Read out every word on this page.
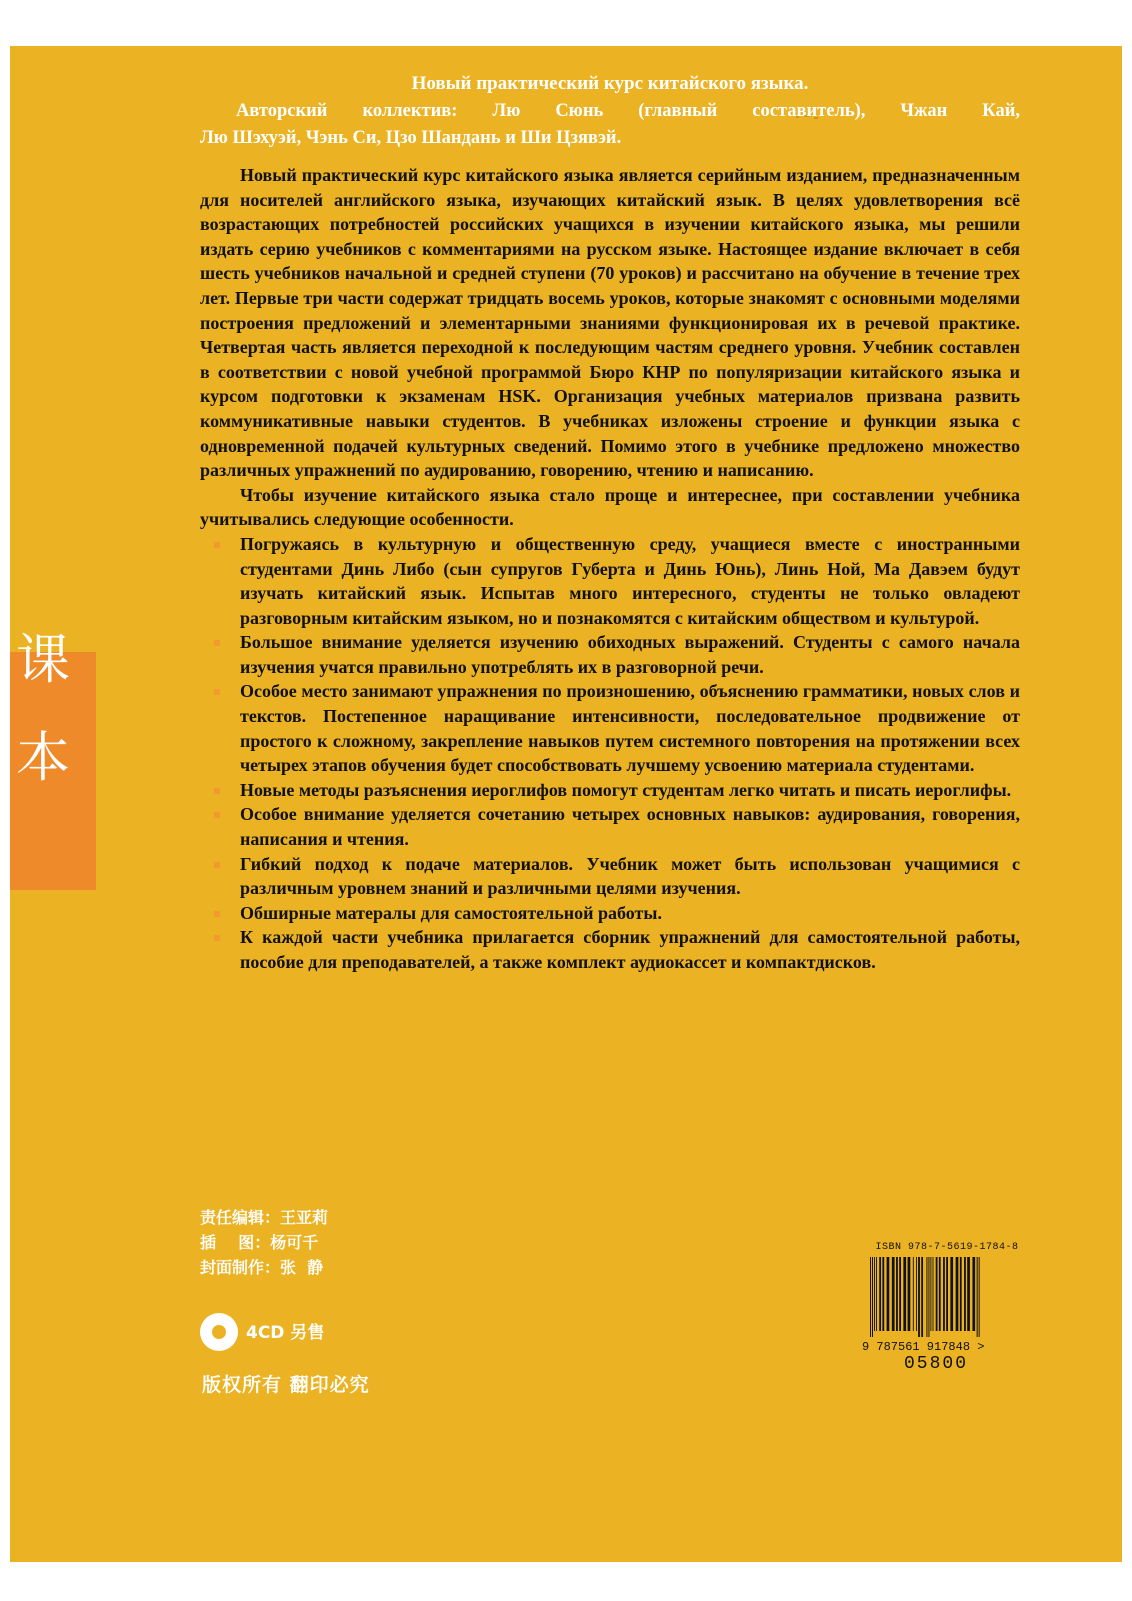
课
本
Новый практический курс китайского языка.
Авторский коллектив: Лю Сюнь (главный составитель), Чжан Кай,
Лю Шэхуэй, Чэнь Си, Цзо Шандань и Ши Цзявэй.

Новый практический курс китайского языка является серийным изданием, предназначенным для носителей английского языка, изучающих китайский язык. В целях удовлетворения всё возрастающих потребностей российских учащихся в изучении китайского языка, мы решили издать серию учебников с комментариями на русском языке. Настоящее издание включает в себя шесть учебников начальной и средней ступени (70 уроков) и рассчитано на обучение в течение трех лет. Первые три части содержат тридцать восемь уроков, которые знакомят с основными моделями построения предложений и элементарными знаниями функционировая их в речевой практике. Четвертая часть является переходной к последующим частям среднего уровня. Учебник составлен в соответствии с новой учебной программой Бюро КНР по популяризации китайского языка и курсом подготовки к экзаменам HSK. Организация учебных материалов призвана развить коммуникативные навыки студентов. В учебниках изложены строение и функции языка с одновременной подачей культурных сведений. Помимо этого в учебнике предложено множество различных упражнений по аудированию, говорению, чтению и написанию.

Чтобы изучение китайского языка стало проще и интереснее, при составлении учебника учитывались следующие особенности.

Погружаясь в культурную и общественную среду, учащиеся вместе с иностранными студентами Динь Либо (сын супругов Губерта и Динь Юнь), Линь Ной, Ма Давэем будут изучать китайский язык. Испытав много интересного, студенты не только овладеют разговорным китайским языком, но и познакомятся с китайским обществом и культурой.
Большое внимание уделяется изучению обиходных выражений. Студенты с самого начала изучения учатся правильно употреблять их в разговорной речи.
Особое место занимают упражнения по произношению, объяснению грамматики, новых слов и текстов. Постепенное наращивание интенсивности, последовательное продвижение от простого к сложному, закрепление навыков путем системного повторения на протяжении всех четырех этапов обучения будет способствовать лучшему усвоению материала студентами.
Новые методы разъяснения иероглифов помогут студентам легко читать и писать иероглифы.
Особое внимание уделяется сочетанию четырех основных навыков: аудирования, говорения, написания и чтения.
Гибкий подход к подаче материалов. Учебник может быть использован учащимися с различным уровнем знаний и различными целями изучения.
Обширные матерaлы для самостоятельной работы.
К каждой части учебника прилагается сборник упражнений для самостоятельной работы, пособие для преподавателей, а также комплект аудиокассет и компактдисков.
责任编辑：王亚莉
插    图：杨可千
封面制作：张  静
4CD 另售
版权所有 翻印必究
ISBN 978-7-5619-1784-8
9 787561 917848 >
05800
